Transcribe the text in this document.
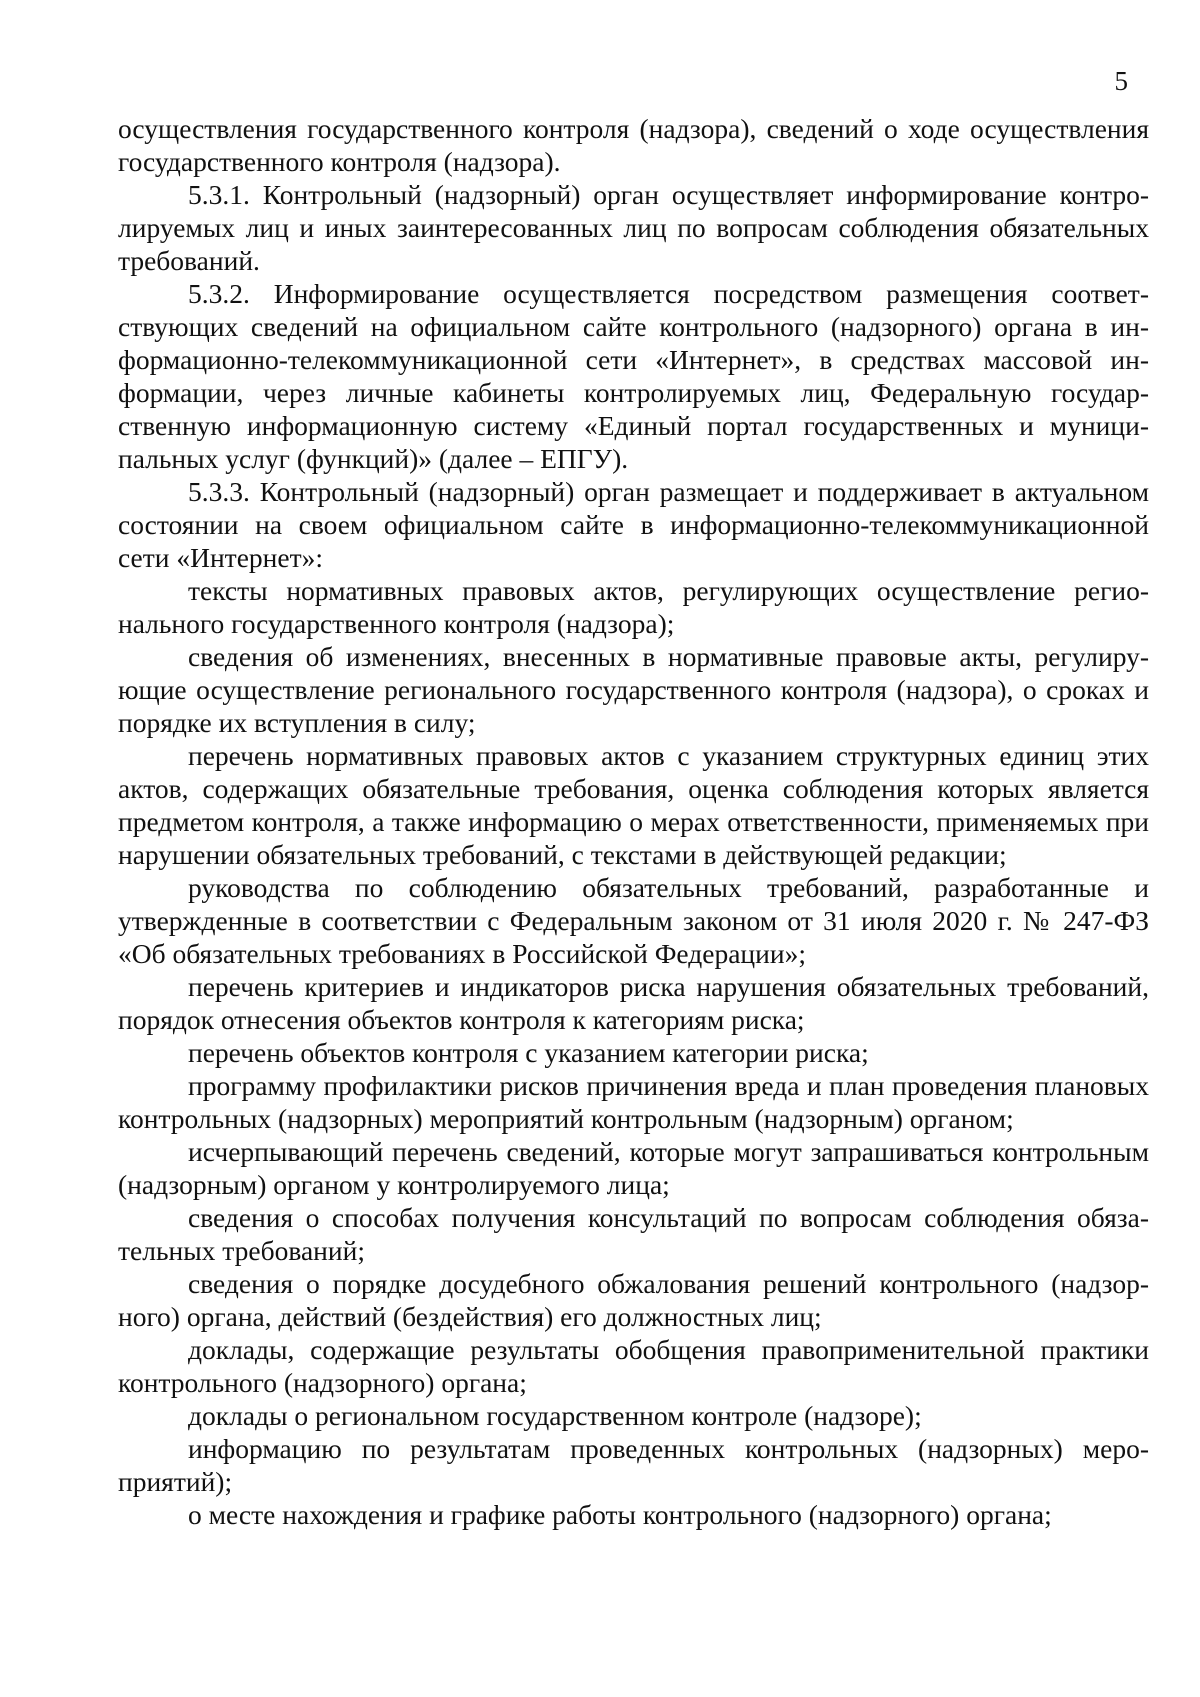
5

осуществления государственного контроля (надзора), сведений о ходе осуществления государственного контроля (надзора).

5.3.1. Контрольный (надзорный) орган осуществляет информирование контролируемых лиц и иных заинтересованных лиц по вопросам соблюдения обязательных требований.

5.3.2. Информирование осуществляется посредством размещения соответствующих сведений на официальном сайте контрольного (надзорного) органа в информационно-телекоммуникационной сети «Интернет», в средствах массовой информации, через личные кабинеты контролируемых лиц, Федеральную государственную информационную систему «Единый портал государственных и муниципальных услуг (функций)» (далее – ЕПГУ).

5.3.3. Контрольный (надзорный) орган размещает и поддерживает в актуальном состоянии на своем официальном сайте в информационно-телекоммуникационной сети «Интернет»:

тексты нормативных правовых актов, регулирующих осуществление регионального государственного контроля (надзора);

сведения об изменениях, внесенных в нормативные правовые акты, регулирующие осуществление регионального государственного контроля (надзора), о сроках и порядке их вступления в силу;

перечень нормативных правовых актов с указанием структурных единиц этих актов, содержащих обязательные требования, оценка соблюдения которых является предметом контроля, а также информацию о мерах ответственности, применяемых при нарушении обязательных требований, с текстами в действующей редакции;

руководства по соблюдению обязательных требований, разработанные и утвержденные в соответствии с Федеральным законом от 31 июля 2020 г. № 247-ФЗ «Об обязательных требованиях в Российской Федерации»;

перечень критериев и индикаторов риска нарушения обязательных требований, порядок отнесения объектов контроля к категориям риска;

перечень объектов контроля с указанием категории риска;

программу профилактики рисков причинения вреда и план проведения плановых контрольных (надзорных) мероприятий контрольным (надзорным) органом;

исчерпывающий перечень сведений, которые могут запрашиваться контрольным (надзорным) органом у контролируемого лица;

сведения о способах получения консультаций по вопросам соблюдения обязательных требований;

сведения о порядке досудебного обжалования решений контрольного (надзорного) органа, действий (бездействия) его должностных лиц;

доклады, содержащие результаты обобщения правоприменительной практики контрольного (надзорного) органа;

доклады о региональном государственном контроле (надзоре);

информацию по результатам проведенных контрольных (надзорных) мероприятий);

о месте нахождения и графике работы контрольного (надзорного) органа;
